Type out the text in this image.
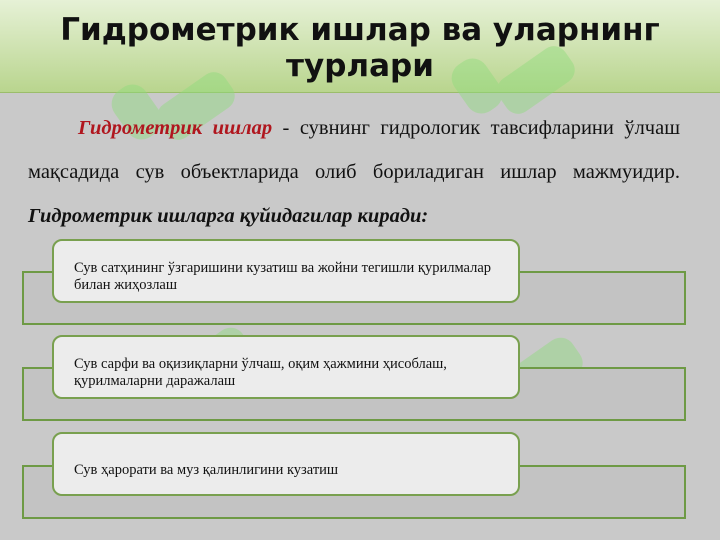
Гидрометрик ишлар ва уларнинг турлари
Гидрометрик ишлар - сувнинг гидрологик тавсифларини ўлчаш мақсадида сув объектларида олиб бориладиган ишлар мажмуидир. Гидрометрик ишларга қуйидагилар киради:
Сув сатҳининг ўзгаришини кузатиш ва жойни тегишли қурилмалар билан жиҳозлаш
Сув сарфи ва оқизиқларни ўлчаш, оқим ҳажмини ҳисоблаш, қурилмаларни даражалаш
Сув ҳарорати ва муз қалинлигини кузатиш
